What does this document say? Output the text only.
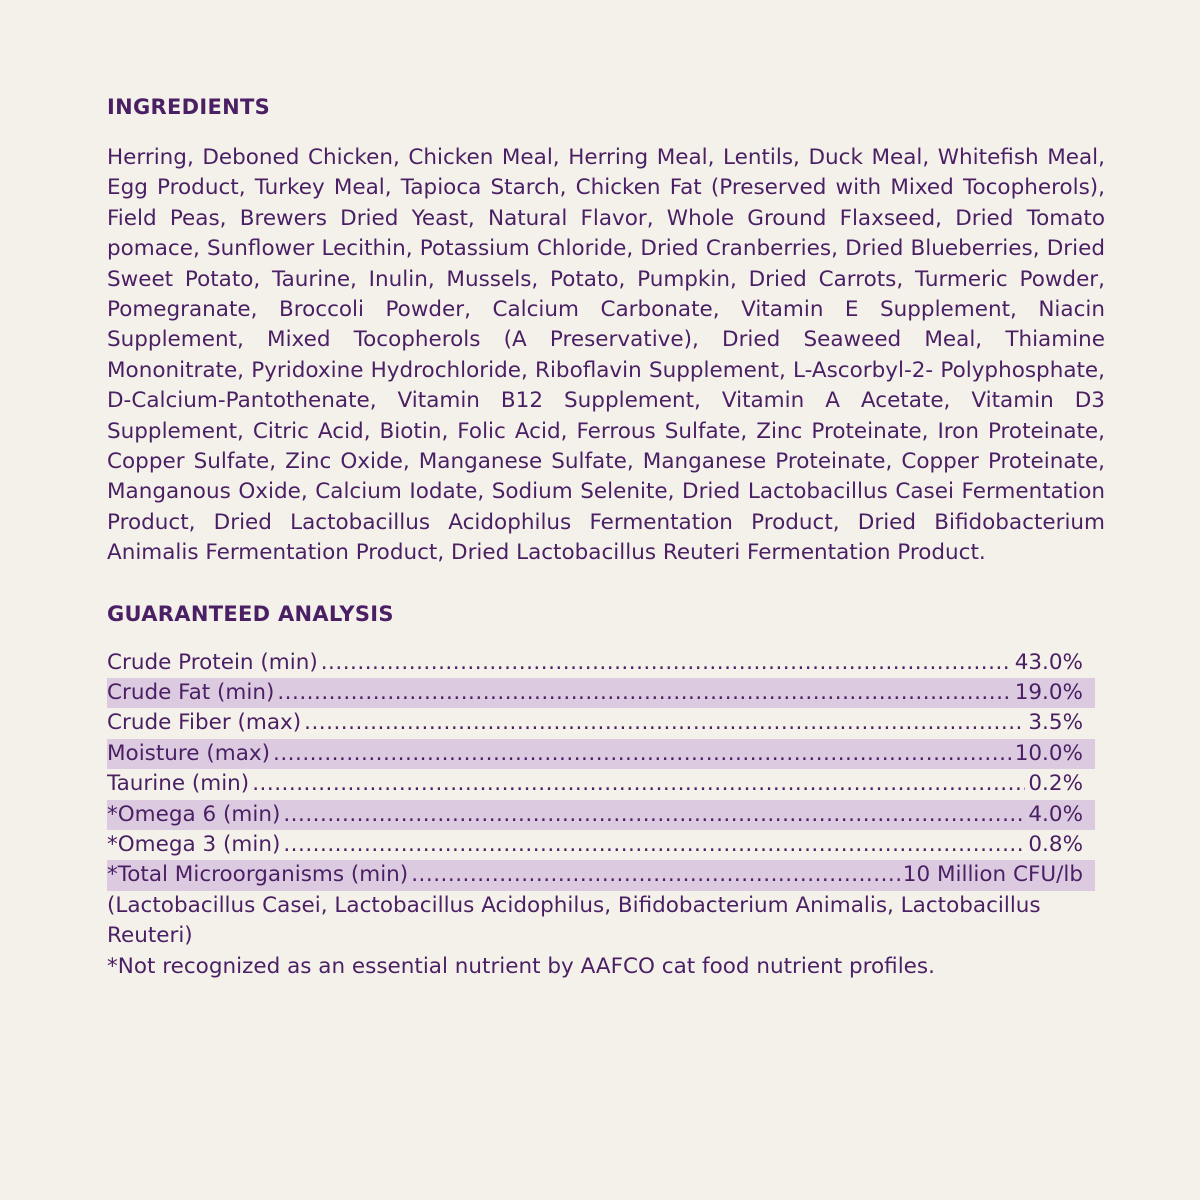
INGREDIENTS

Herring, Deboned Chicken, Chicken Meal, Herring Meal, Lentils, Duck Meal, Whitefish Meal, Egg Product, Turkey Meal, Tapioca Starch, Chicken Fat (Preserved with Mixed Tocopherols), Field Peas, Brewers Dried Yeast, Natural Flavor, Whole Ground Flaxseed, Dried Tomato pomace, Sunflower Lecithin, Potassium Chloride, Dried Cranberries, Dried Blueberries, Dried Sweet Potato, Taurine, Inulin, Mussels, Potato, Pumpkin, Dried Carrots, Turmeric Powder, Pomegranate, Broccoli Powder, Calcium Carbonate, Vitamin E Supplement, Niacin Supplement, Mixed Tocopherols (A Preservative), Dried Seaweed Meal, Thiamine Mononitrate, Pyridoxine Hydrochloride, Riboflavin Supplement, L-Ascorbyl-2- Polyphosphate, D-Calcium-Pantothenate, Vitamin B12 Supplement, Vitamin A Acetate, Vitamin D3 Supplement, Citric Acid, Biotin, Folic Acid, Ferrous Sulfate, Zinc Proteinate, Iron Proteinate, Copper Sulfate, Zinc Oxide, Manganese Sulfate, Manganese Proteinate, Copper Proteinate, Manganous Oxide, Calcium Iodate, Sodium Selenite, Dried Lactobacillus Casei Fermentation Product, Dried Lactobacillus Acidophilus Fermentation Product, Dried Bifidobacterium Animalis Fermentation Product, Dried Lactobacillus Reuteri Fermentation Product.

GUARANTEED ANALYSIS
Crude Protein (min) .....	43.0%
Crude Fat (min) .....	19.0%
Crude Fiber (max) .....	3.5%
Moisture (max) .....	10.0%
Taurine (min) .....	0.2%
*Omega 6 (min) .....	4.0%
*Omega 3 (min) .....	0.8%
*Total Microorganisms (min) .....	10 Million CFU/lb

(Lactobacillus Casei, Lactobacillus Acidophilus, Bifidobacterium Animalis, Lactobacillus Reuteri)

*Not recognized as an essential nutrient by AAFCO cat food nutrient profiles.
